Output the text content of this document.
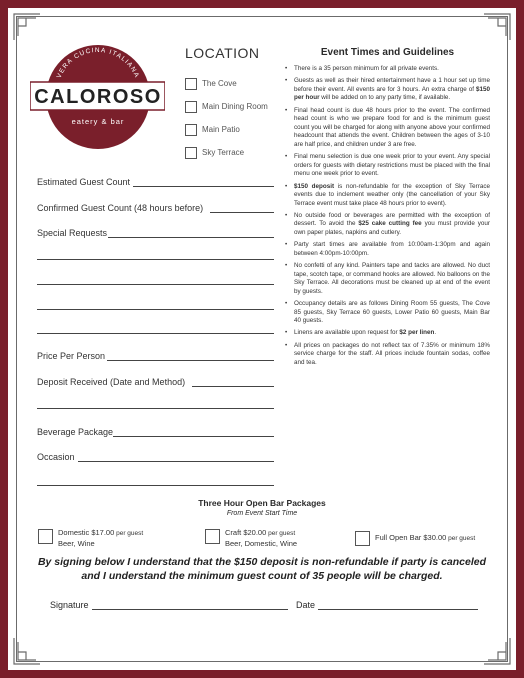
VERA CUCINA ITALIANA
CALOROSO
eatery & bar
LOCATION
The Cove
Main Dining Room
Main Patio
Sky Terrace
Estimated Guest Count
Confirmed Guest Count (48 hours before)
Special Requests
Price Per Person
Deposit Received (Date and Method)
Beverage Package
Occasion
Event Times and Guidelines
• There is a 35 person minimum for all private events.
• Guests as well as their hired entertainment have a 1 hour set up time before their event. All events are for 3 hours. An extra charge of $150 per hour will be added on to any party time, if available.
• Final head count is due 48 hours prior to the event. The confirmed head count is who we prepare food for and is the minimum guest count you will be charged for along with anyone above your confirmed headcount that attends the event. Children between the ages of 3-10 are half price, and children under 3 are free.
• Final menu selection is due one week prior to your event. Any special orders for guests with dietary restrictions must be placed with the final menu one week prior to event.
• $150 deposit is non-refundable for the exception of Sky Terrace events due to inclement weather only (the cancellation of your Sky Terrace event must take place 48 hours prior to event).
• No outside food or beverages are permitted with the exception of dessert. To avoid the $25 cake cutting fee you must provide your own paper plates, napkins and cutlery.
• Party start times are available from 10:00am-1:30pm and again between 4:00pm-10:00pm.
• No confetti of any kind. Painters tape and tacks are allowed. No duct tape, scotch tape, or command hooks are allowed. No balloons on the Sky Terrace. All decorations must be cleaned up at end of the event by guests.
• Occupancy details are as follows Dining Room 55 guests, The Cove 85 guests, Sky Terrace 60 guests, Lower Patio 60 guests, Main Bar 40 guests.
• Linens are available upon request for $2 per linen.
• All prices on packages do not reflect tax of 7.35% or minimum 18% service charge for the staff. All prices include fountain sodas, coffee and tea.
Three Hour Open Bar Packages
From Event Start Time
Domestic $17.00 per guest
Beer, Wine
Craft $20.00 per guest
Beer, Domestic, Wine
Full Open Bar $30.00 per guest
By signing below I understand that the $150 deposit is non-refundable if party is canceled and I understand the minimum guest count of 35 people will be charged.
Signature	Date
